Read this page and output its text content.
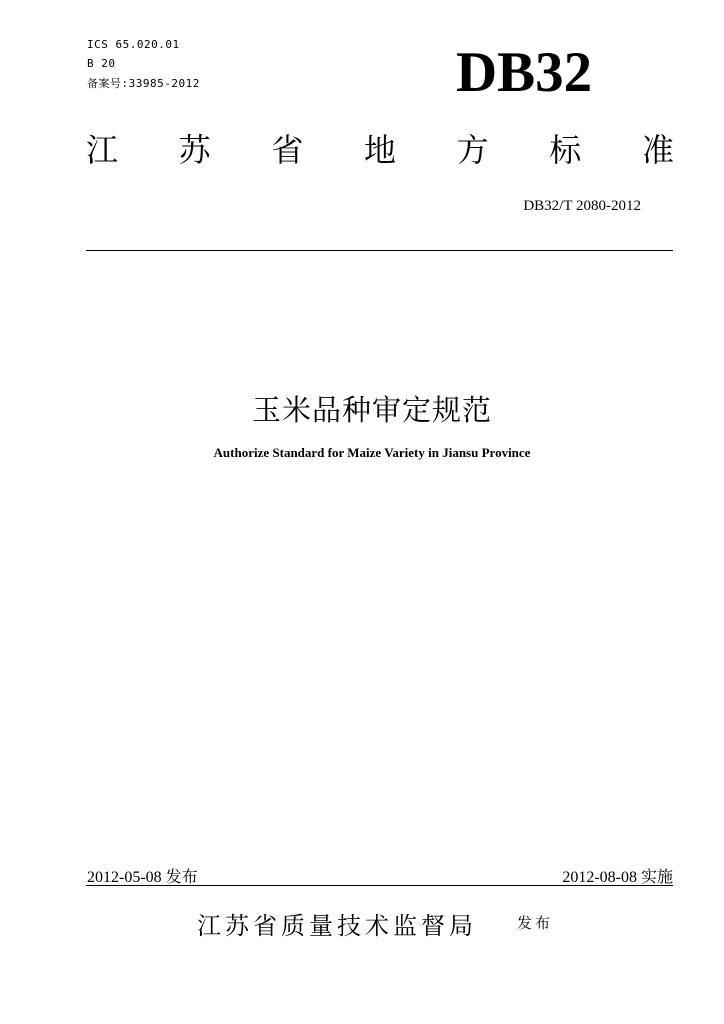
ICS 65.020.01
B 20
备案号:33985-2012	DB32
江 苏 省 地 方 标 准
DB32/T 2080-2012
玉米品种审定规范
Authorize Standard for Maize Variety in Jiansu Province
2012-05-08 发布	2012-08-08 实施
江苏省质量技术监督局	发布
